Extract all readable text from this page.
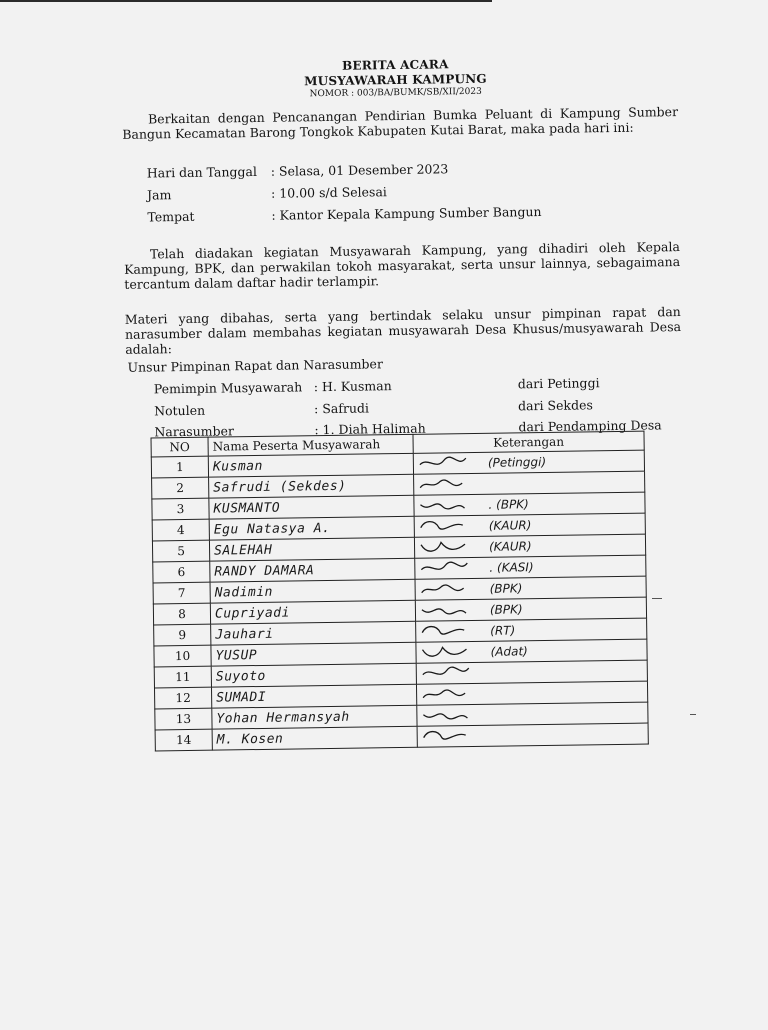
BERITA ACARA
MUSYAWARAH KAMPUNG
NOMOR : 003/BA/BUMK/SB/XII/2023
Berkaitan dengan Pencanangan Pendirian Bumka Peluant di Kampung Sumber Bangun Kecamatan Barong Tongkok Kabupaten Kutai Barat, maka pada hari ini:
Hari dan Tanggal : Selasa, 01 Desember 2023
Jam	: 10.00 s/d Selesai
Tempat	: Kantor Kepala Kampung Sumber Bangun
Telah diadakan kegiatan Musyawarah Kampung, yang dihadiri oleh Kepala Kampung, BPK, dan perwakilan tokoh masyarakat, serta unsur lainnya, sebagaimana tercantum dalam daftar hadir terlampir.
Materi yang dibahas, serta yang bertindak selaku unsur pimpinan rapat dan narasumber dalam membahas kegiatan musyawarah Desa Khusus/musyawarah Desa adalah:
Unsur Pimpinan Rapat dan Narasumber
Pemimpin Musyawarah : H. Kusman	dari Petinggi
Notulen	: Safrudi	dari Sekdes
Narasumber	: 1. Diah Halimah	dari Pendamping Desa
NO	Nama Peserta Musyawarah	Keterangan
1	Kusman	(Petinggi)
2	Safrudi (Sekdes)	
3	KUSMANTO	. (BPK)
4	Egu Natasya A.	(KAUR)
5	SALEHAH	(KAUR)
6	RANDY DAMARA	. (KASI)
7	Nadimin	(BPK)
8	Cupriyadi	(BPK)
9	Jauhari	(RT)
10	YUSUP	(Adat)
11	Suyoto	
12	SUMADI	
13	Yohan Hermansyah	
14	M. Kosen	
